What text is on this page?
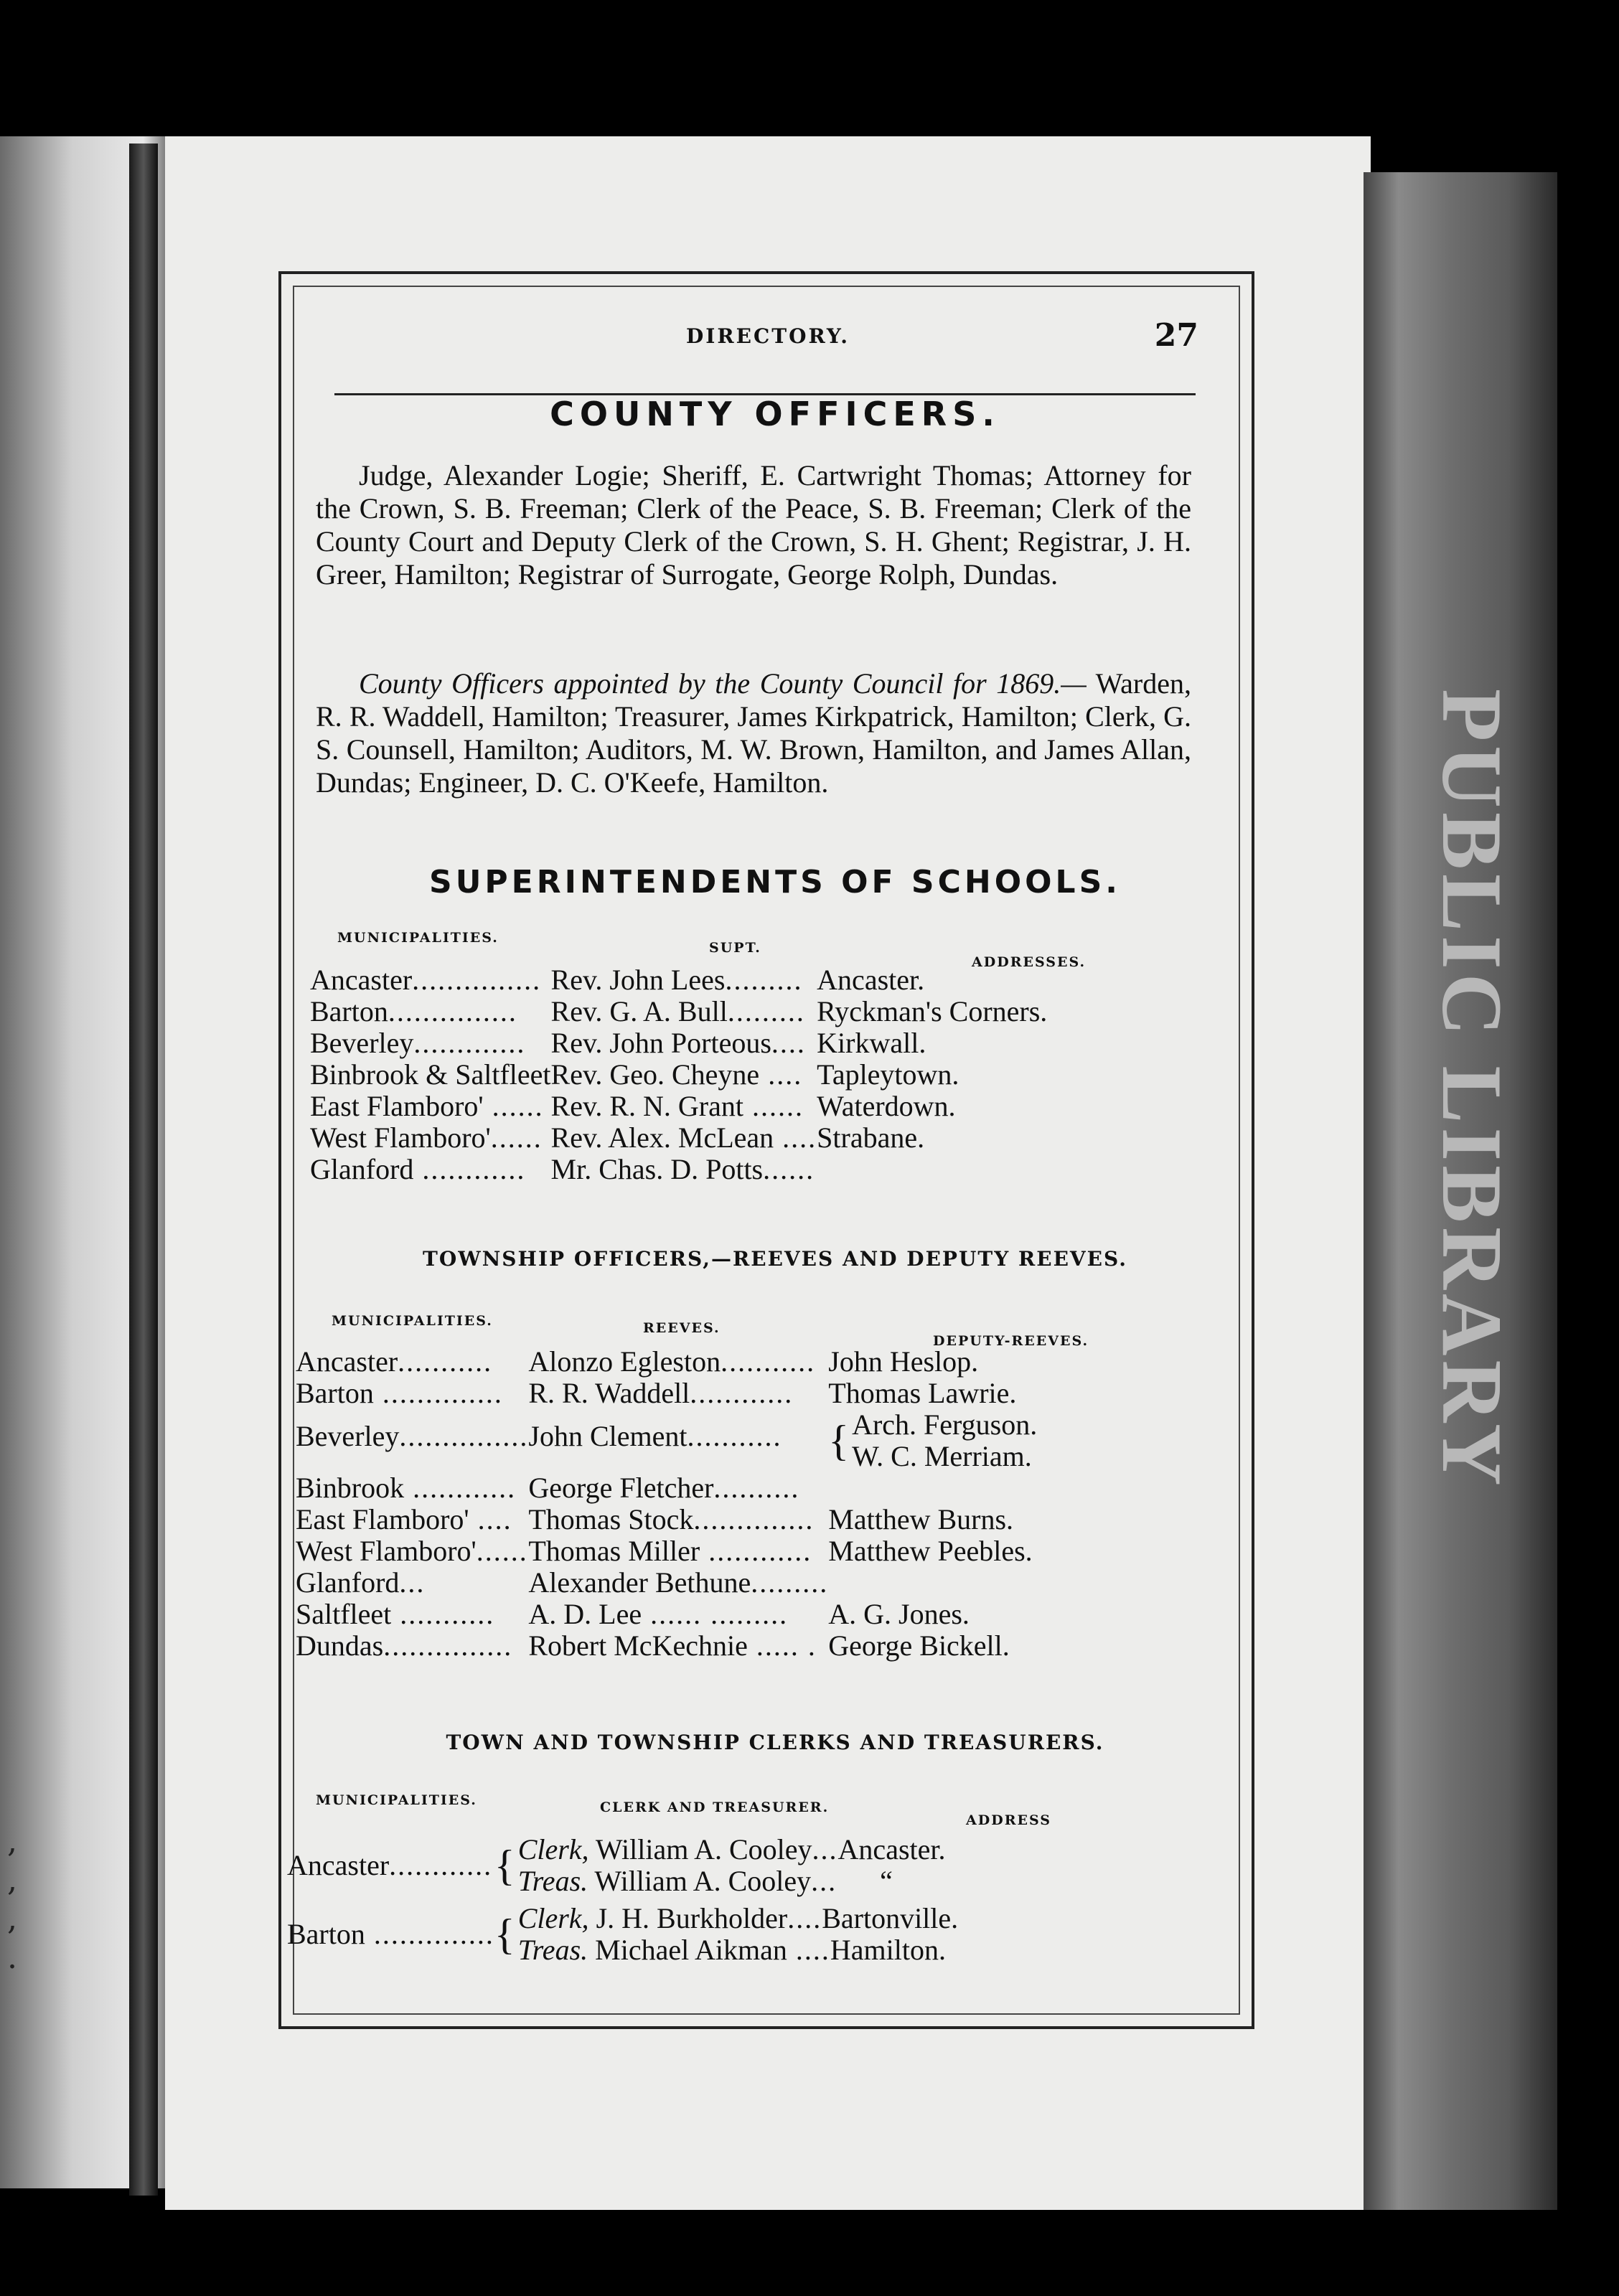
,
,
,
.
PUBLIC LIBRARY
DIRECTORY.	27
COUNTY OFFICERS.

Judge, Alexander Logie; Sheriff, E. Cartwright Thomas; Attorney for the Crown, S. B. Freeman; Clerk of the Peace, S. B. Freeman; Clerk of the County Court and Deputy Clerk of the Crown, S. H. Ghent; Registrar, J. H. Greer, Hamilton; Registrar of Surrogate, George Rolph, Dundas.

County Officers appointed by the County Council for 1869.— Warden, R. R. Waddell, Hamilton; Treasurer, James Kirkpatrick, Hamilton; Clerk, G. S. Counsell, Hamilton; Auditors, M. W. Brown, Hamilton, and James Allan, Dundas; Engineer, D. C. O'Keefe, Hamilton.

SUPERINTENDENTS OF SCHOOLS.
MUNICIPALITIES.
SUPT.
ADDRESSES.
Ancaster...............	Rev. John Lees.........	Ancaster.
Barton...............	Rev. G. A. Bull.........	Ryckman's Corners.
Beverley.............	Rev. John Porteous....	Kirkwall.
Binbrook & Saltfleet	Rev. Geo. Cheyne ....	Tapleytown.
East Flamboro' ......	Rev. R. N. Grant ......	Waterdown.
West Flamboro'......	Rev. Alex. McLean ....	Strabane.
Glanford ............	Mr. Chas. D. Potts......	
TOWNSHIP OFFICERS,—REEVES AND DEPUTY REEVES.
MUNICIPALITIES.	REEVES.
DEPUTY-REEVES.
Ancaster...........	Alonzo Egleston...........	John Heslop.
Barton ..............	R. R. Waddell............	Thomas Lawrie.
Beverley...............	John Clement...........	{ Arch. Ferguson.
W. C. Merriam.
Binbrook ............	George Fletcher..........	
East Flamboro' ....	Thomas Stock..............	Matthew Burns.
West Flamboro'......	Thomas Miller ............	Matthew Peebles.
Glanford...	Alexander Bethune.........	
Saltfleet ...........	A. D. Lee ...... .........	A. G. Jones.
Dundas...............	Robert McKechnie ..... .	George Bickell.
TOWN AND TOWNSHIP CLERKS AND TREASURERS.
MUNICIPALITIES.	CLERK AND TREASURER.
ADDRESS
Ancaster............	{ Clerk, William A. Cooley...Ancaster.
Treas. William A. Cooley... “
Barton ..............	{ Clerk, J. H. Burkholder....Bartonville.
Treas. Michael Aikman ....Hamilton.
